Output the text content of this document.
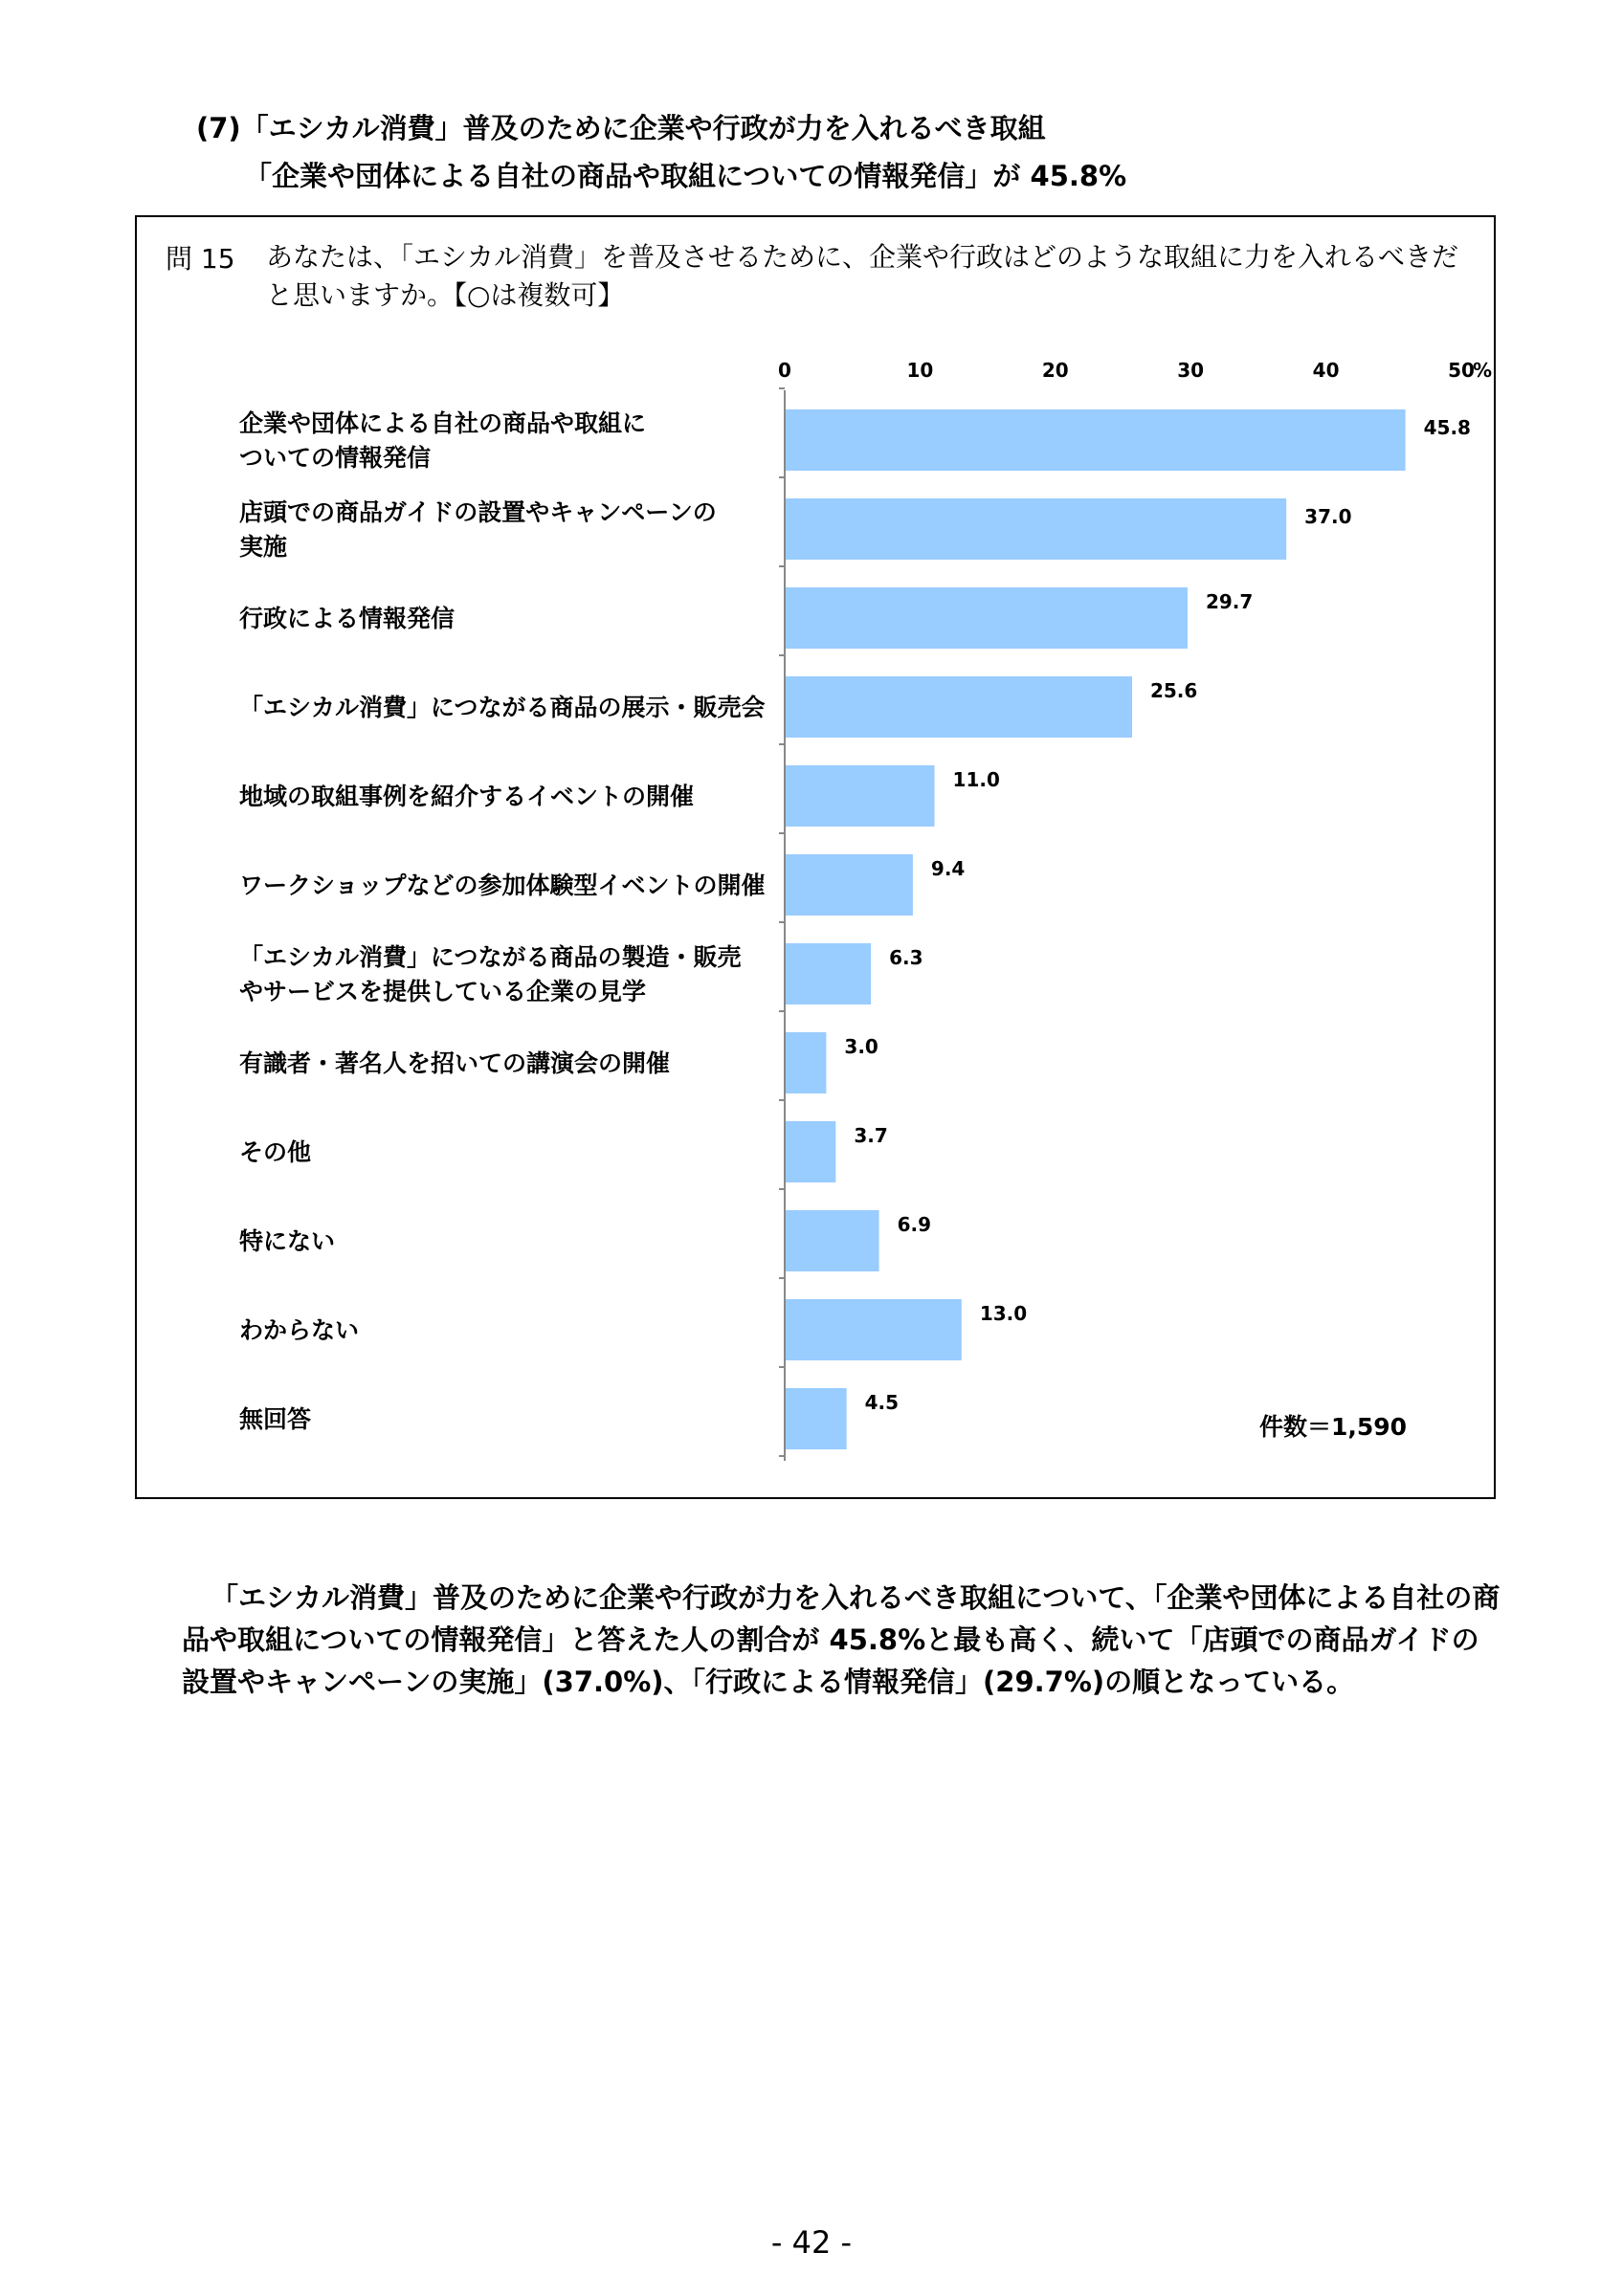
(7)「エシカル消費」普及のために企業や行政が力を入れるべき取組
「企業や団体による自社の商品や取組についての情報発信」が 45.8%
問 15 あなたは、「エシカル消費」を普及させるために、企業や行政はどのような取組に力を入れるべきだと思いますか。【○は複数可】
0	10	20	30	40	50
%
45.8
企業や団体による自社の商品や取組に
ついての情報発信
37.0
店頭での商品ガイドの設置やキャンペーンの
実施
29.7
行政による情報発信
25.6
「エシカル消費」につながる商品の展示・販売会
11.0
地域の取組事例を紹介するイベントの開催
9.4
ワークショップなどの参加体験型イベントの開催
6.3
「エシカル消費」につながる商品の製造・販売
やサービスを提供している企業の見学
3.0
有識者・著名人を招いての講演会の開催
3.7
その他
6.9
特にない
13.0
わからない
4.5
無回答	件数＝1,590
「エシカル消費」普及のために企業や行政が力を入れるべき取組について、「企業や団体による自社の商品や取組についての情報発信」と答えた人の割合が 45.8%と最も高く、続いて「店頭での商品ガイドの設置やキャンペーンの実施」(37.0%)、「行政による情報発信」(29.7%)の順となっている。
- 42 -
